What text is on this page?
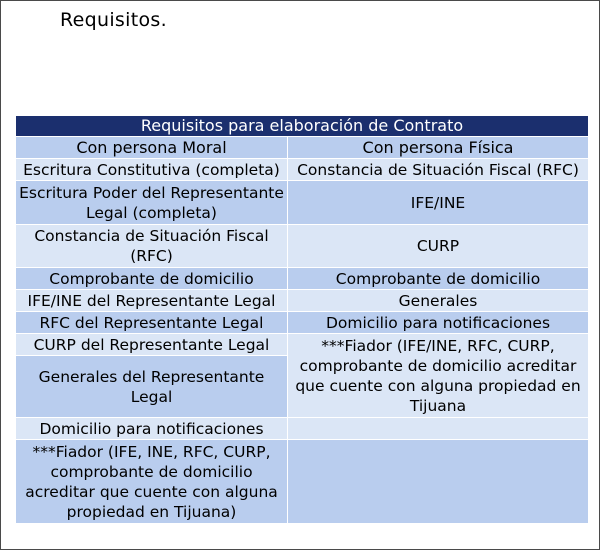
Requisitos.
Requisitos para elaboración de Contrato	
Con persona Moral	Con persona Física
Escritura Constitutiva (completa)	Constancia de Situación Fiscal (RFC)
Escritura Poder del Representante Legal (completa)	IFE/INE
Constancia de Situación Fiscal (RFC)	CURP
Comprobante de domicilio	Comprobante de domicilio
IFE/INE del Representante Legal	Generales
RFC del Representante Legal	Domicilio para notificaciones
CURP del Representante Legal	***Fiador (IFE/INE, RFC, CURP, comprobante de domicilio acreditar que cuente con alguna propiedad en Tijuana
Generales del Representante Legal	
Domicilio para notificaciones	
***Fiador (IFE, INE, RFC, CURP, comprobante de domicilio acreditar que cuente con alguna propiedad en Tijuana)	
